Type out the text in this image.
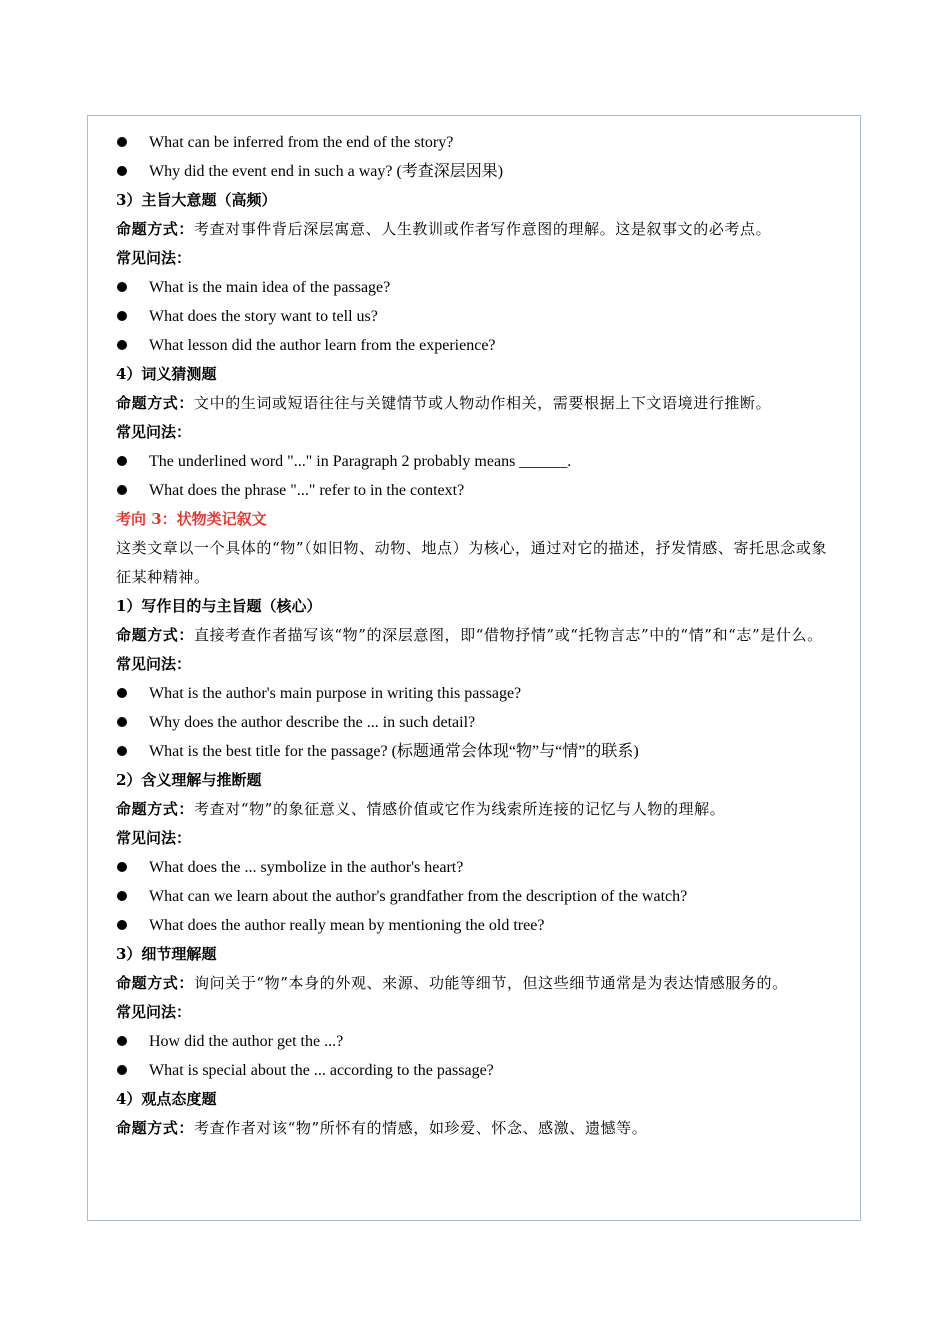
What can be inferred from the end of the story?
Why did the event end in such a way? (考查深层因果)
3）主旨大意题（高频）
命题方式：考查对事件背后深层寓意、人生教训或作者写作意图的理解。这是叙事文的必考点。
常见问法：
What is the main idea of the passage?
What does the story want to tell us?
What lesson did the author learn from the experience?
4）词义猜测题
命题方式：文中的生词或短语往往与关键情节或人物动作相关，需要根据上下文语境进行推断。
常见问法：
The underlined word "..." in Paragraph 2 probably means ______.
What does the phrase "..." refer to in the context?
考向 3：状物类记叙文
这类文章以一个具体的“物”（如旧物、动物、地点）为核心，通过对它的描述，抒发情感、寄托思念或象征某种精神。
1）写作目的与主旨题（核心）
命题方式：直接考查作者描写该“物”的深层意图，即“借物抒情”或“托物言志”中的“情”和“志”是什么。
常见问法：
What is the author's main purpose in writing this passage?
Why does the author describe the ... in such detail?
What is the best title for the passage? (标题通常会体现“物”与“情”的联系)
2）含义理解与推断题
命题方式：考查对“物”的象征意义、情感价值或它作为线索所连接的记忆与人物的理解。
常见问法：
What does the ... symbolize in the author's heart?
What can we learn about the author's grandfather from the description of the watch?
What does the author really mean by mentioning the old tree?
3）细节理解题
命题方式：询问关于“物”本身的外观、来源、功能等细节，但这些细节通常是为表达情感服务的。
常见问法：
How did the author get the ...?
What is special about the ... according to the passage?
4）观点态度题
命题方式：考查作者对该“物”所怀有的情感，如珍爱、怀念、感激、遗憾等。
